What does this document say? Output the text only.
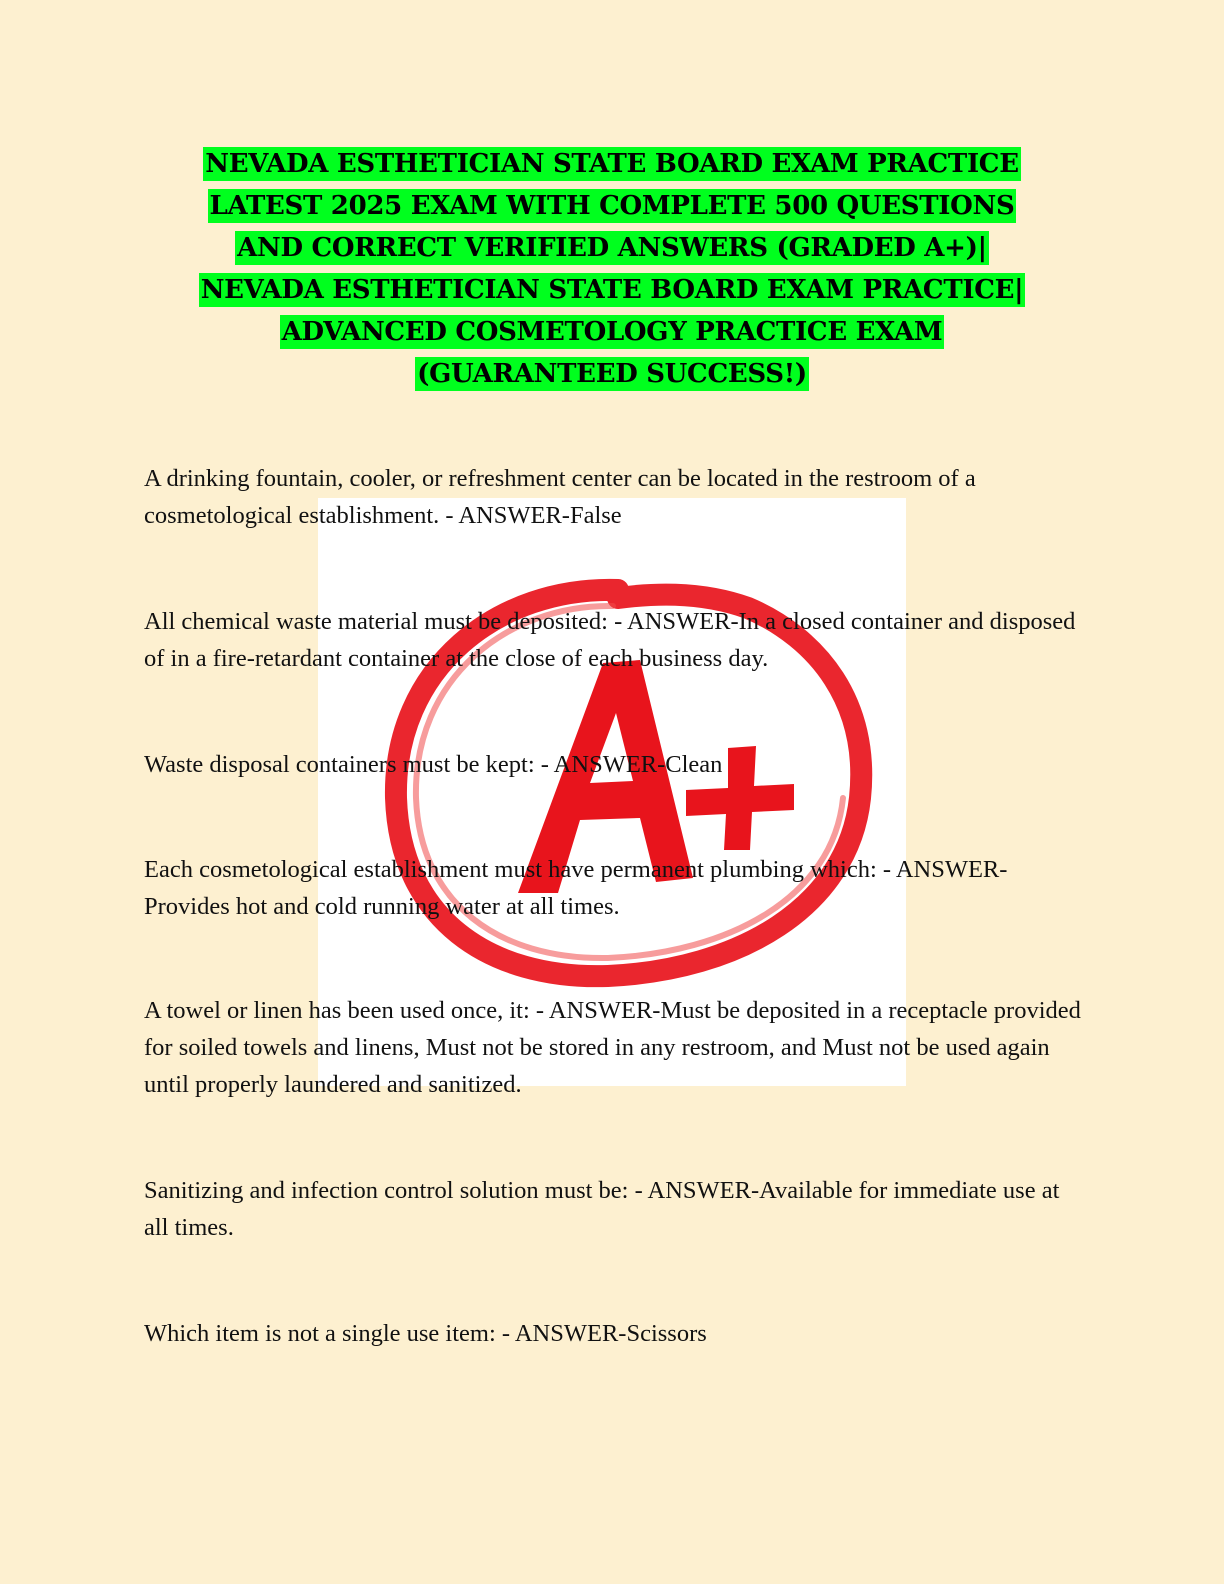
NEVADA ESTHETICIAN STATE BOARD EXAM PRACTICE

LATEST 2025 EXAM WITH COMPLETE 500 QUESTIONS

AND CORRECT VERIFIED ANSWERS (GRADED A+)|

NEVADA ESTHETICIAN STATE BOARD EXAM PRACTICE|

ADVANCED COSMETOLOGY PRACTICE EXAM

(GUARANTEED SUCCESS!)

A drinking fountain, cooler, or refreshment center can be located in the restroom of a cosmetological establishment. - ANSWER-False

All chemical waste material must be deposited: - ANSWER-In a closed container and disposed of in a fire-retardant container at the close of each business day.

Waste disposal containers must be kept: - ANSWER-Clean

Each cosmetological establishment must have permanent plumbing which: - ANSWER-Provides hot and cold running water at all times.

A towel or linen has been used once, it: - ANSWER-Must be deposited in a receptacle provided for soiled towels and linens, Must not be stored in any restroom, and Must not be used again until properly laundered and sanitized.

Sanitizing and infection control solution must be: - ANSWER-Available for immediate use at all times.

Which item is not a single use item: - ANSWER-Scissors
